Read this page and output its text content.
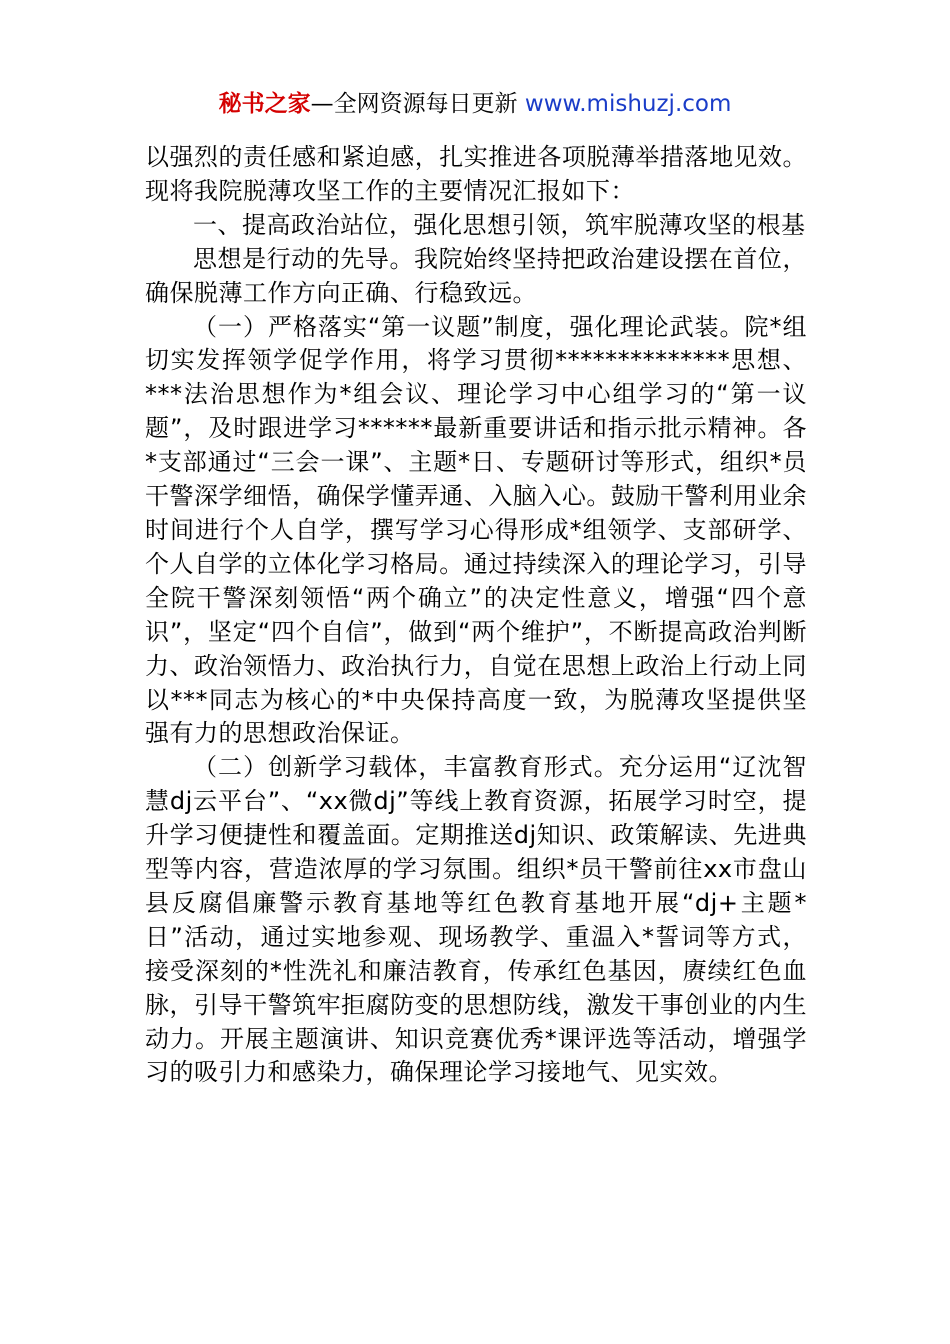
秘书之家—全网资源每日更新 www.mishuzj.com

以强烈的责任感和紧迫感，扎实推进各项脱薄举措落地见效。现将我院脱薄攻坚工作的主要情况汇报如下：

一、提高政治站位，强化思想引领，筑牢脱薄攻坚的根基

思想是行动的先导。我院始终坚持把政治建设摆在首位，确保脱薄工作方向正确、行稳致远。

（一）严格落实“第一议题”制度，强化理论武装。院*组切实发挥领学促学作用，将学习贯彻**************思想、***法治思想作为*组会议、理论学习中心组学习的“第一议题”，及时跟进学习******最新重要讲话和指示批示精神。各*支部通过“三会一课”、主题*日、专题研讨等形式，组织*员干警深学细悟，确保学懂弄通、入脑入心。鼓励干警利用业余时间进行个人自学，撰写学习心得形成*组领学、支部研学、个人自学的立体化学习格局。通过持续深入的理论学习，引导全院干警深刻领悟“两个确立”的决定性意义，增强“四个意识”，坚定“四个自信”，做到“两个维护”，不断提高政治判断力、政治领悟力、政治执行力，自觉在思想上政治上行动上同以***同志为核心的*中央保持高度一致，为脱薄攻坚提供坚强有力的思想政治保证。

（二）创新学习载体，丰富教育形式。充分运用“辽沈智慧dj云平台”、“xx微dj”等线上教育资源，拓展学习时空，提升学习便捷性和覆盖面。定期推送dj知识、政策解读、先进典型等内容，营造浓厚的学习氛围。组织*员干警前往xx市盘山县反腐倡廉警示教育基地等红色教育基地开展“dj+主题*日”活动，通过实地参观、现场教学、重温入*誓词等方式，接受深刻的*性洗礼和廉洁教育，传承红色基因，赓续红色血脉，引导干警筑牢拒腐防变的思想防线，激发干事创业的内生动力。开展主题演讲、知识竞赛优秀*课评选等活动，增强学习的吸引力和感染力，确保理论学习接地气、见实效。
